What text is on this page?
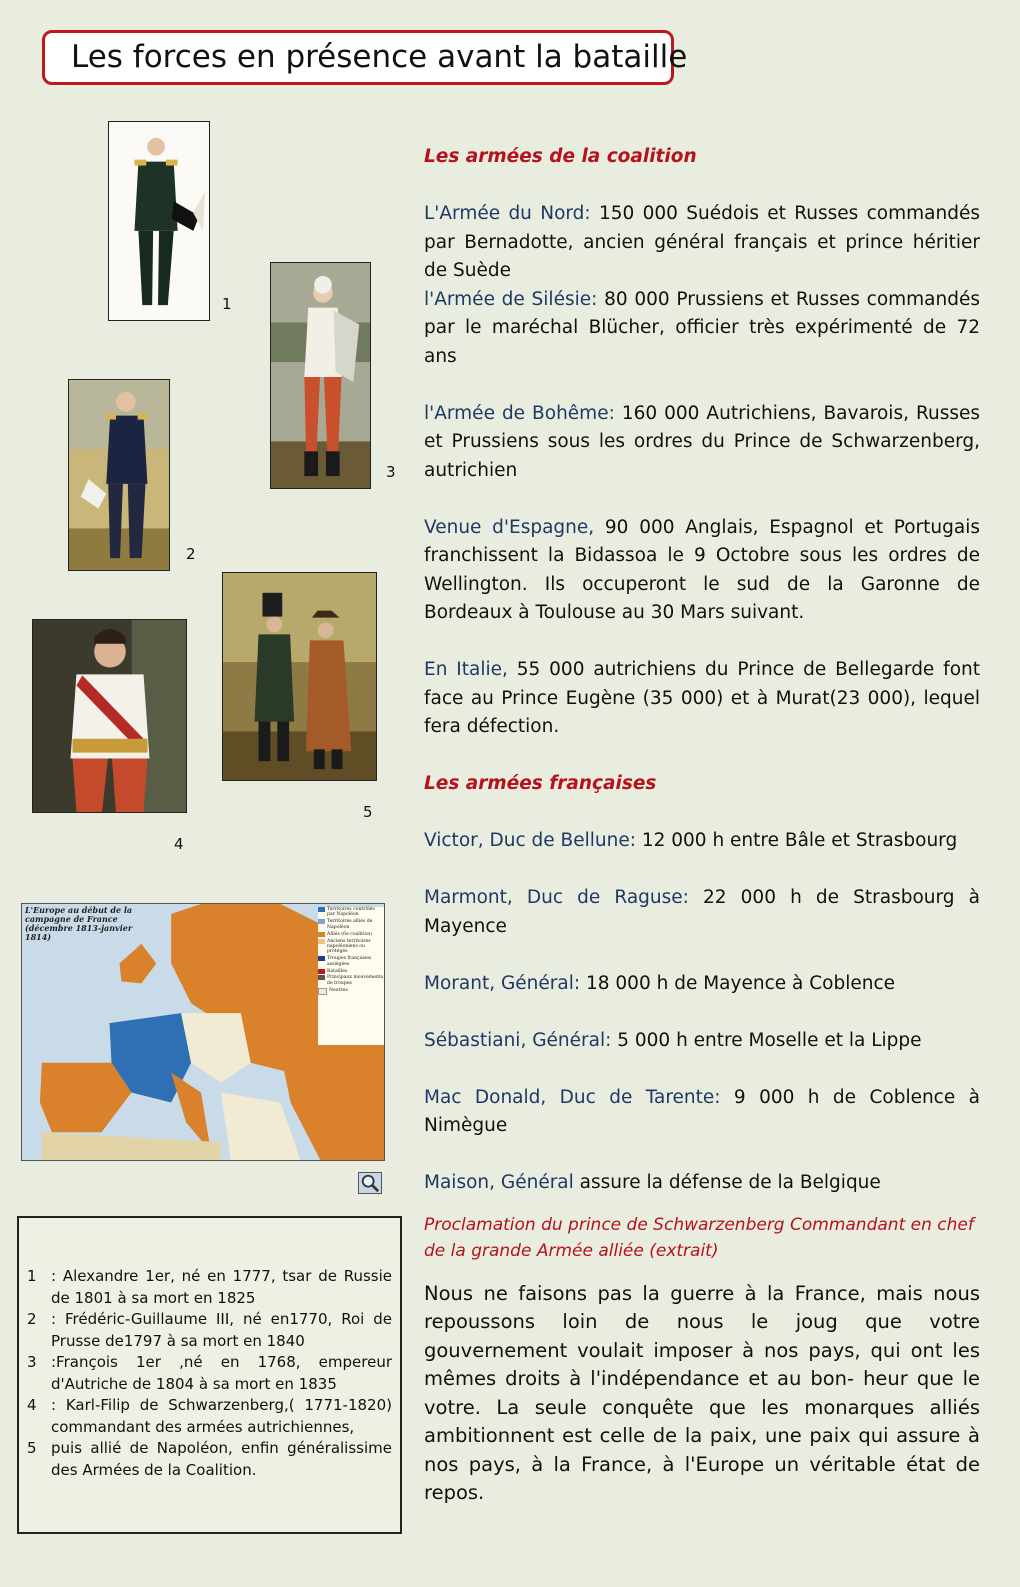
Les forces en présence avant la bataille
1
3
2
5
4
L'Europe au début de la campagne de France (décembre 1813-janvier 1814)
Territoires contrôlés par Napoléon
Territoires alliés de Napoléon
Alliés (6e coalition)
Anciens territoires napoléoniens ou protégés
Troupes françaises assiégées
Batailles
Principaux mouvements de troupes
Neutres
1 : Alexandre 1er, né en 1777, tsar de Russie de 1801 à sa mort en 1825
2 : Frédéric-Guillaume III, né en1770, Roi de Prusse de1797 à sa mort en 1840
3 :François 1er ,né en 1768, empereur d'Autriche de 1804 à sa mort en 1835
4 : Karl-Filip de Schwarzenberg,( 1771-1820) commandant des armées autrichiennes,
5 puis allié de Napoléon, enfin généralissime des Armées de la Coalition.

Les armées de la coalition

L'Armée du Nord: 150 000 Suédois et Russes commandés par Bernadotte, ancien général français et prince héritier de Suède

l'Armée de Silésie: 80 000 Prussiens et Russes commandés par le maréchal Blücher, officier très expérimenté de 72 ans

l'Armée de Bohême: 160 000 Autrichiens, Bavarois, Russes et Prussiens sous les ordres du Prince de Schwarzenberg, autrichien

Venue d'Espagne, 90 000 Anglais, Espagnol et Portugais franchissent la Bidassoa le 9 Octobre sous les ordres de Wellington. Ils occuperont le sud de la Garonne de Bordeaux à Toulouse au 30 Mars suivant.

En Italie, 55 000 autrichiens du Prince de Bellegarde font face au Prince Eugène (35 000) et à Murat(23 000), lequel fera défection.

Les armées françaises

Victor, Duc de Bellune: 12 000 h entre Bâle et Strasbourg

Marmont, Duc de Raguse: 22 000 h de Strasbourg à Mayence

Morant, Général: 18 000 h de Mayence à Coblence

Sébastiani, Général: 5 000 h entre Moselle et la Lippe

Mac Donald, Duc de Tarente: 9 000 h de Coblence à Nimègue

Maison, Général assure la défense de la Belgique

Proclamation du prince de Schwarzenberg Commandant en chef de la grande Armée alliée (extrait)

Nous ne faisons pas la guerre à la France, mais nous repoussons loin de nous le joug que votre gouvernement voulait imposer à nos pays, qui ont les mêmes droits à l'indépendance et au bon- heur que le votre. La seule conquête que les monarques alliés ambitionnent est celle de la paix, une paix qui assure à nos pays, à la France, à l'Europe un véritable état de repos.
